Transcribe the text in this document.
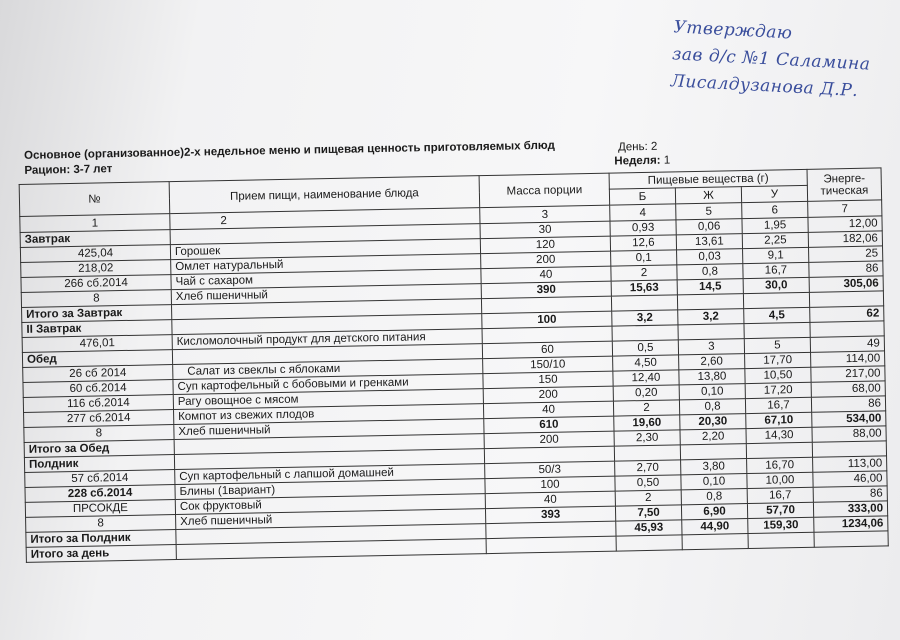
Утверждаю
зав д/с №1 Саламина
Лисалдузанова Д.Р.
Основное (организованное)2-х недельное меню и пищевая ценность приготовляемых блюд
Рацион: 3-7 лет
День: 2
Неделя: 1
№	Прием пищи, наименование блюда	Масса порции	Пищевые вещества (г)			Энерге-тическая
			Б	Ж	У	
1	2	3	4	5	6	7
Завтрак		30	0,93	0,06	1,95	12,00
425,04	Горошек	120	12,6	13,61	2,25	182,06
218,02	Омлет натуральный	200	0,1	0,03	9,1	25
266 сб.2014	Чай с сахаром	40	2	0,8	16,7	86
8	Хлеб пшеничный	390	15,63	14,5	30,0	305,06
Итого за Завтрак						
II Завтрак		100	3,2	3,2	4,5	62
476,01	Кисломолочный продукт для детского питания					
Обед		60	0,5	3	5	49
26 сб 2014	Салат из свеклы с яблоками	150/10	4,50	2,60	17,70	114,00
60 сб.2014	Суп картофельный с бобовыми и гренками	150	12,40	13,80	10,50	217,00
116 сб.2014	Рагу овощное с мясом	200	0,20	0,10	17,20	68,00
277 сб.2014	Компот из свежих плодов	40	2	0,8	16,7	86
8	Хлеб пшеничный	610	19,60	20,30	67,10	534,00
Итого за Обед		200	2,30	2,20	14,30	88,00
Полдник						
57 сб.2014	Суп картофельный с лапшой домашней	50/3	2,70	3,80	16,70	113,00
228 сб.2014	Блины (1вариант)	100	0,50	0,10	10,00	46,00
ПРСОКДЕ	Сок фруктовый	40	2	0,8	16,7	86
8	Хлеб пшеничный	393	7,50	6,90	57,70	333,00
Итого за Полдник			45,93	44,90	159,30	1234,06
Итого за день						
